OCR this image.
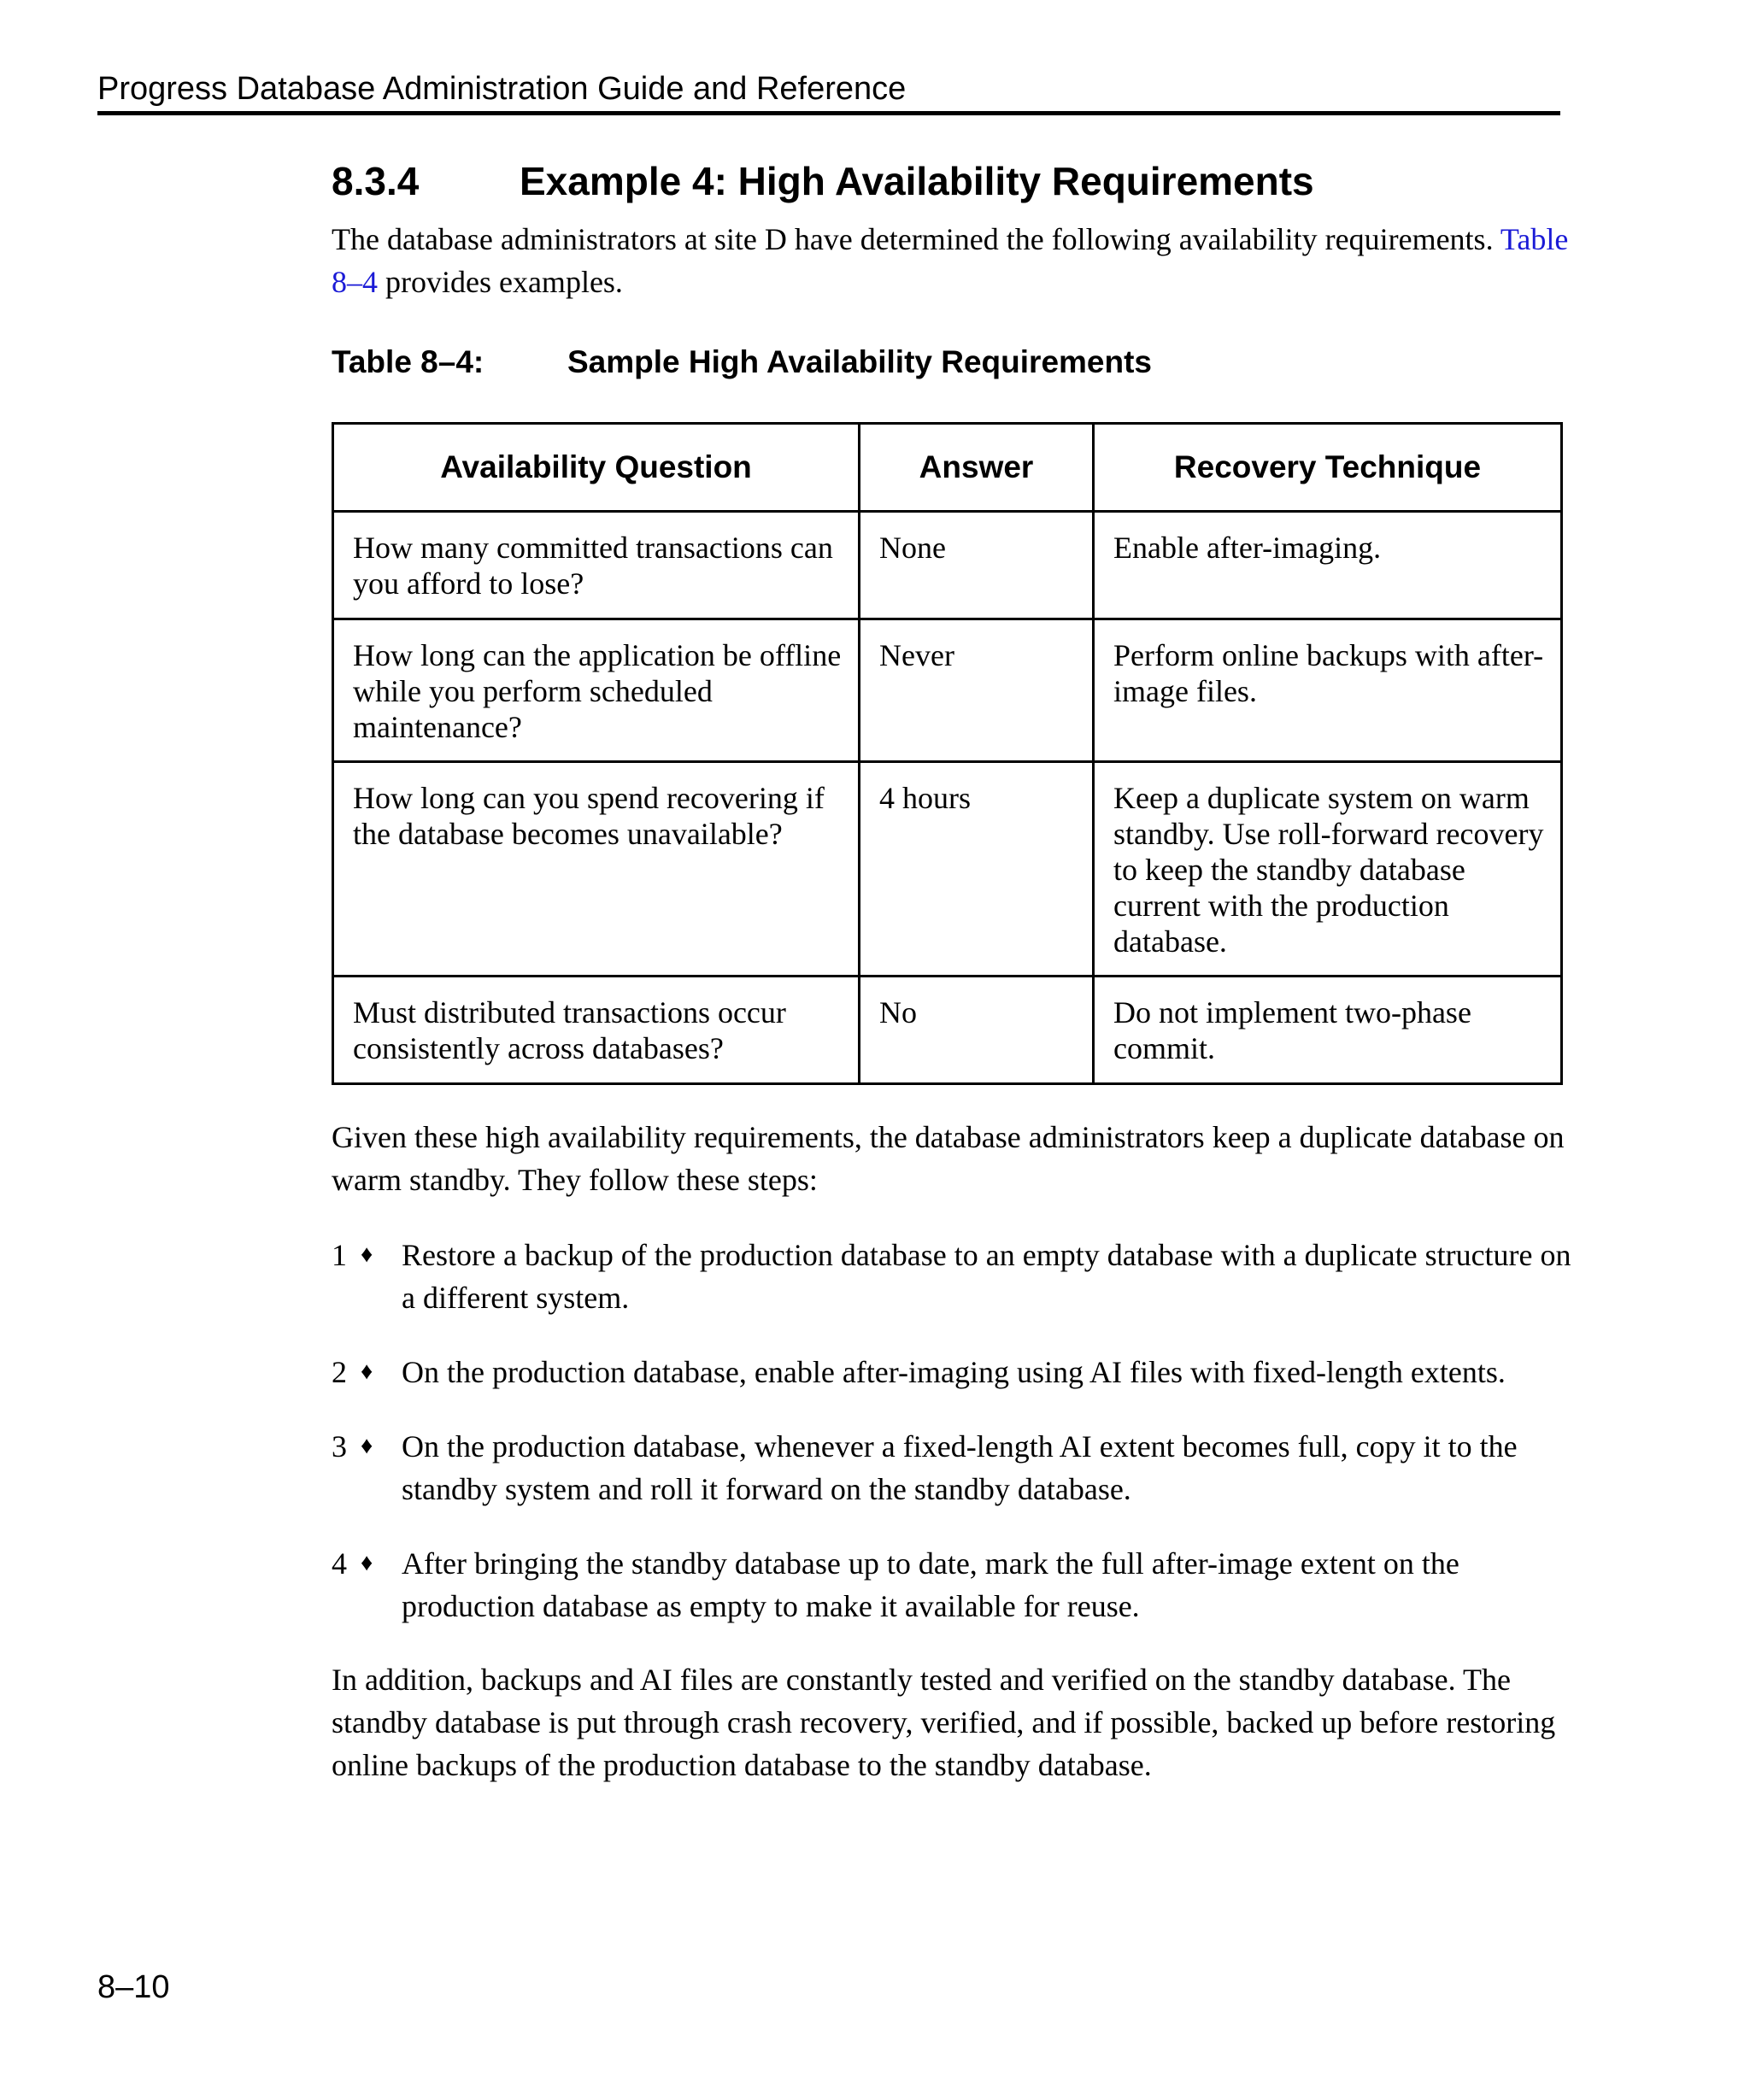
Progress Database Administration Guide and Reference
8.3.4	Example 4: High Availability Requirements
The database administrators at site D have determined the following availability requirements. Table 8–4 provides examples.
Table 8–4:	Sample High Availability Requirements
Availability Question	Answer	Recovery Technique
How many committed transactions can you afford to lose?	None	Enable after-imaging.
How long can the application be offline while you perform scheduled maintenance?	Never	Perform online backups with after-image files.
How long can you spend recovering if the database becomes unavailable?	4 hours	Keep a duplicate system on warm standby. Use roll-forward recovery to keep the standby database current with the production database.
Must distributed transactions occur consistently across databases?	No	Do not implement two-phase commit.
Given these high availability requirements, the database administrators keep a duplicate database on warm standby. They follow these steps:
1 ♦ Restore a backup of the production database to an empty database with a duplicate structure on a different system.
2 ♦ On the production database, enable after-imaging using AI files with fixed-length extents.
3 ♦ On the production database, whenever a fixed-length AI extent becomes full, copy it to the standby system and roll it forward on the standby database.
4 ♦ After bringing the standby database up to date, mark the full after-image extent on the production database as empty to make it available for reuse.
In addition, backups and AI files are constantly tested and verified on the standby database. The standby database is put through crash recovery, verified, and if possible, backed up before restoring online backups of the production database to the standby database.
8–10
